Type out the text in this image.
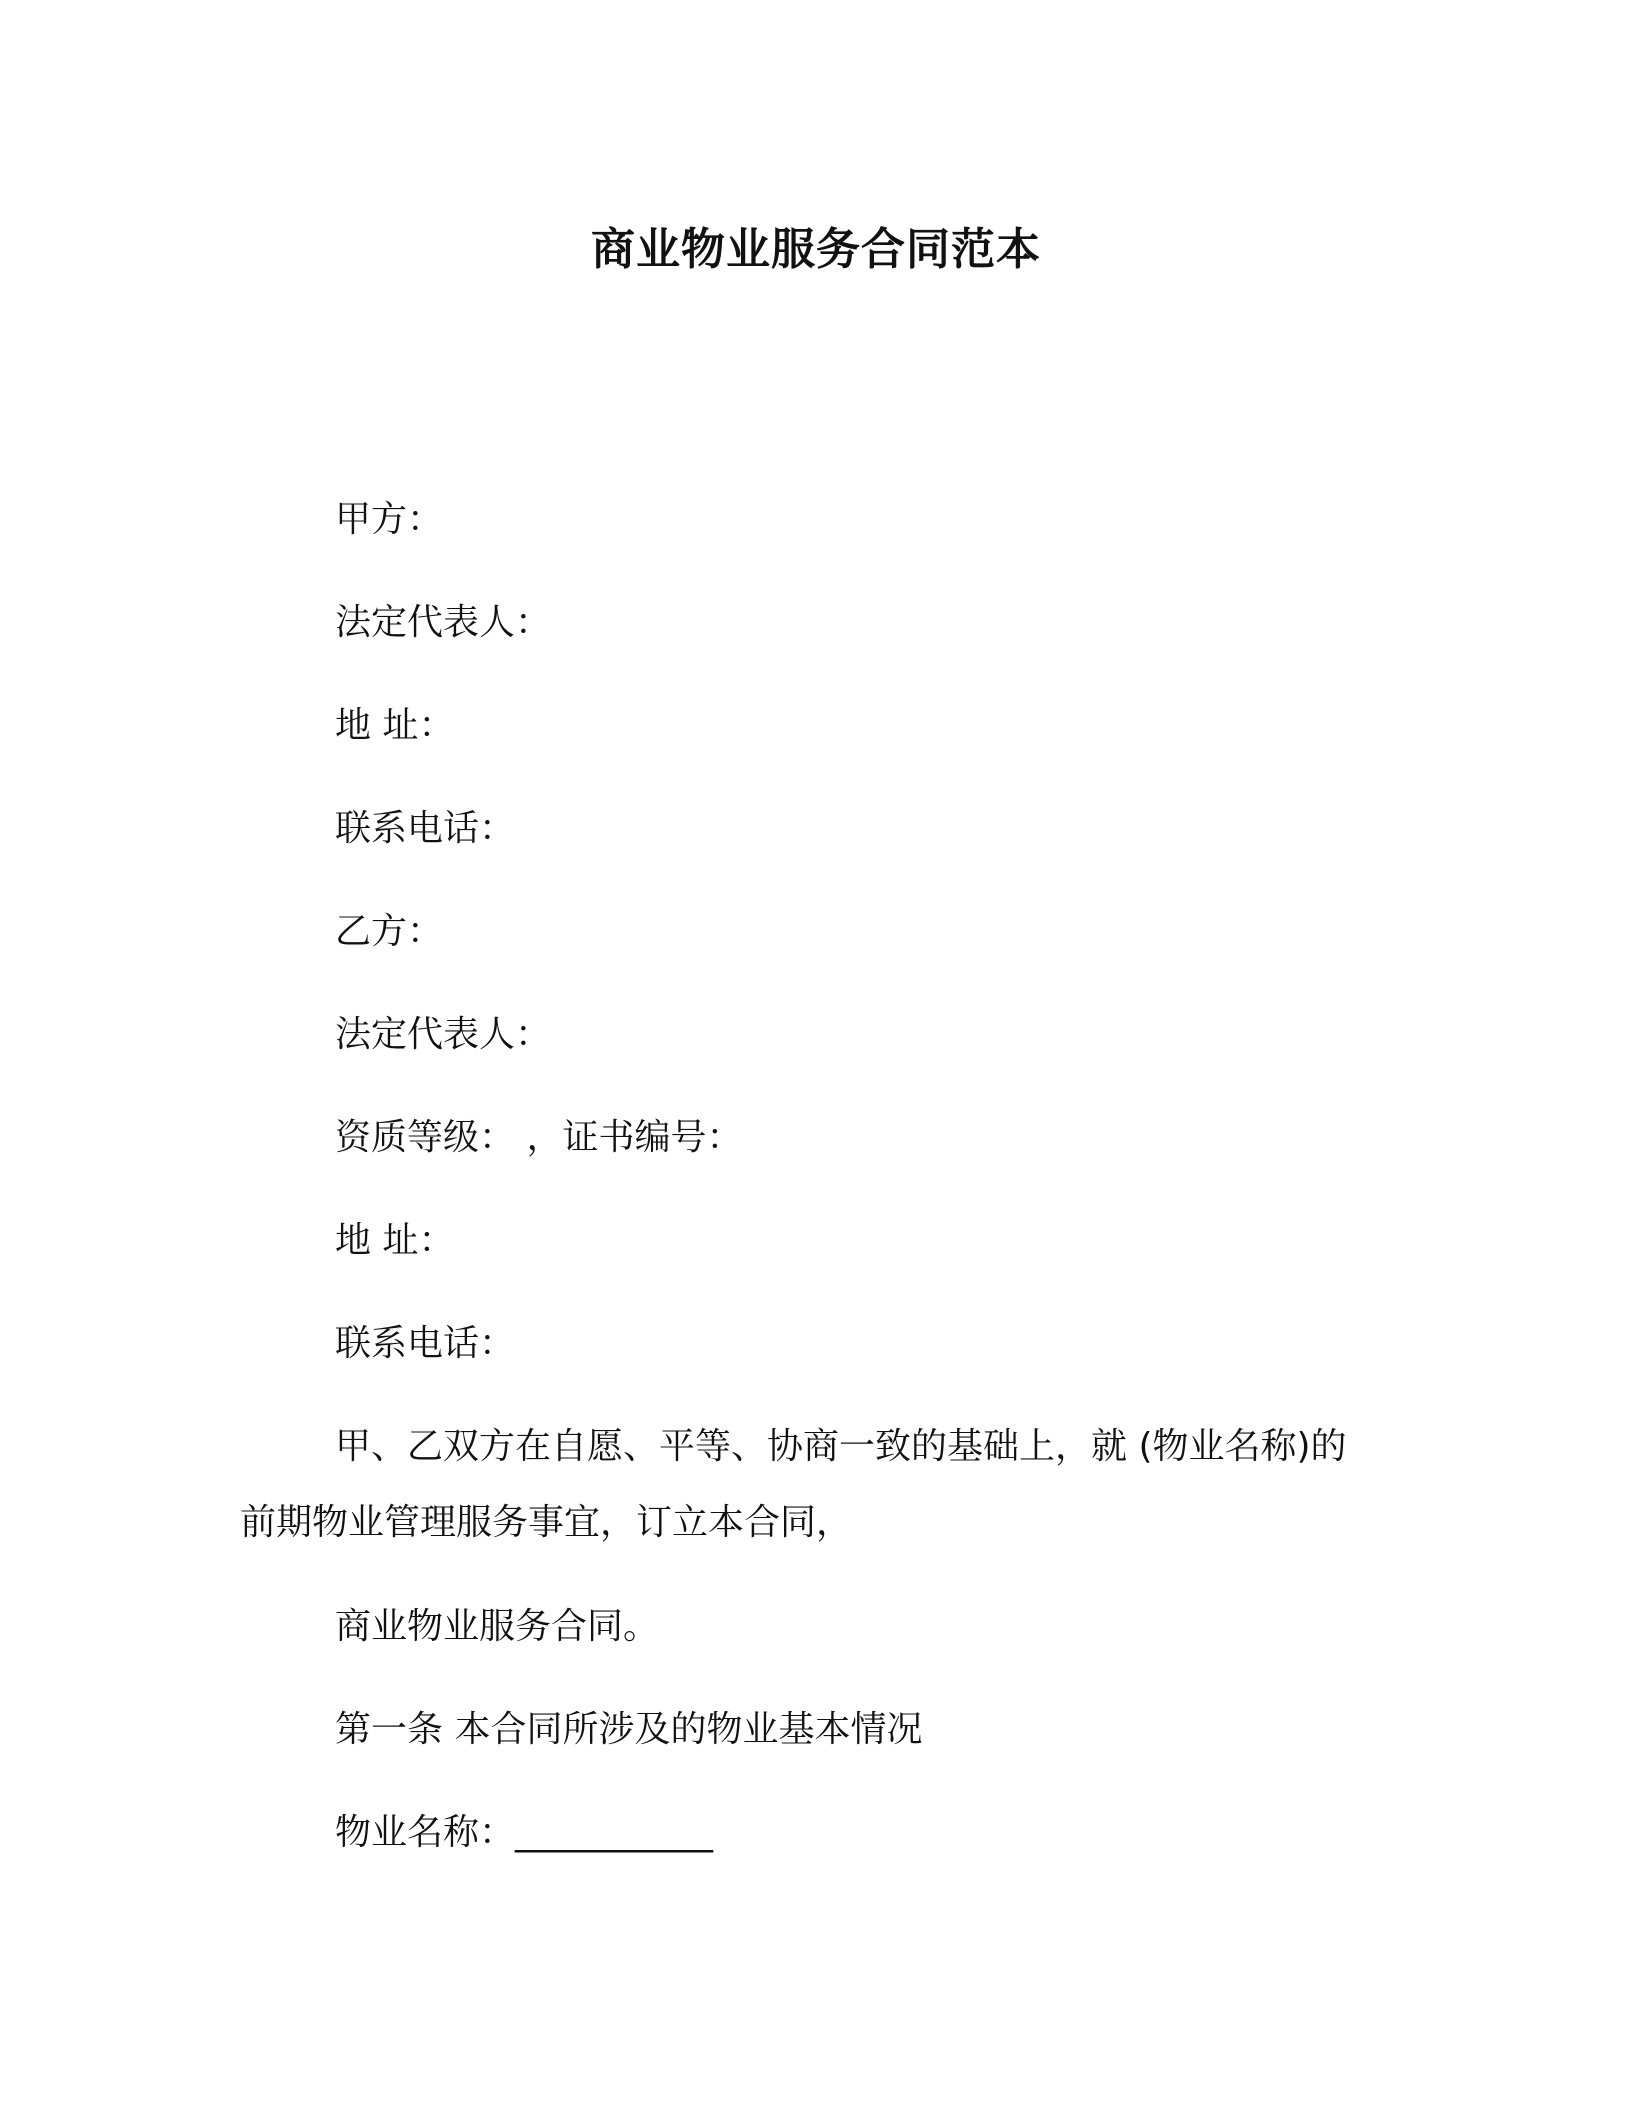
商业物业服务合同范本
甲方：
法定代表人：
地 址：
联系电话：
乙方：
法定代表人：
资质等级： ，证书编号：
地 址：
联系电话：
甲、乙双方在自愿、平等、协商一致的基础上，就 (物业名称)的
前期物业管理服务事宜，订立本合同，
商业物业服务合同。
第一条 本合同所涉及的物业基本情况
物业名称：___________
